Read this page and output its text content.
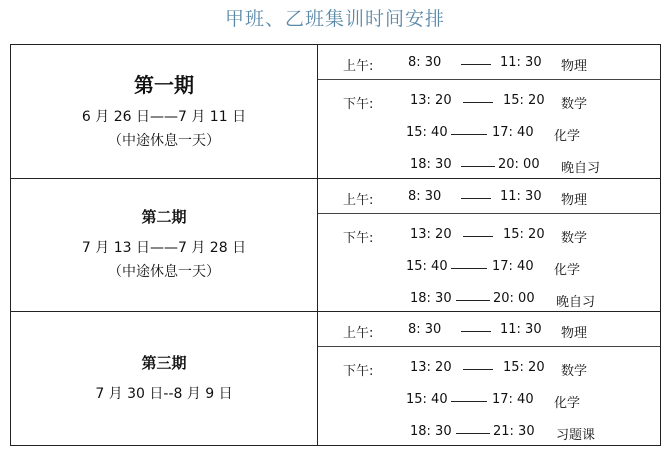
甲班、乙班集训时间安排
第一期
6 月 26 日——7 月 11 日
（中途休息一天）
上午:	8: 30	11: 30 物理
下午:	13: 20	15: 20 数学
15: 40	17: 40 化学
18: 30	20: 00 晚自习
第二期
7 月 13 日——7 月 28 日
（中途休息一天）
上午:	8: 30	11: 30 物理
下午:	13: 20	15: 20 数学
15: 40	17: 40 化学
18: 30	20: 00 晚自习
第三期
7 月 30 日--8 月 9 日
上午:	8: 30	11: 30 物理
下午:	13: 20	15: 20 数学
15: 40	17: 40 化学
18: 30	21: 30 习题课
